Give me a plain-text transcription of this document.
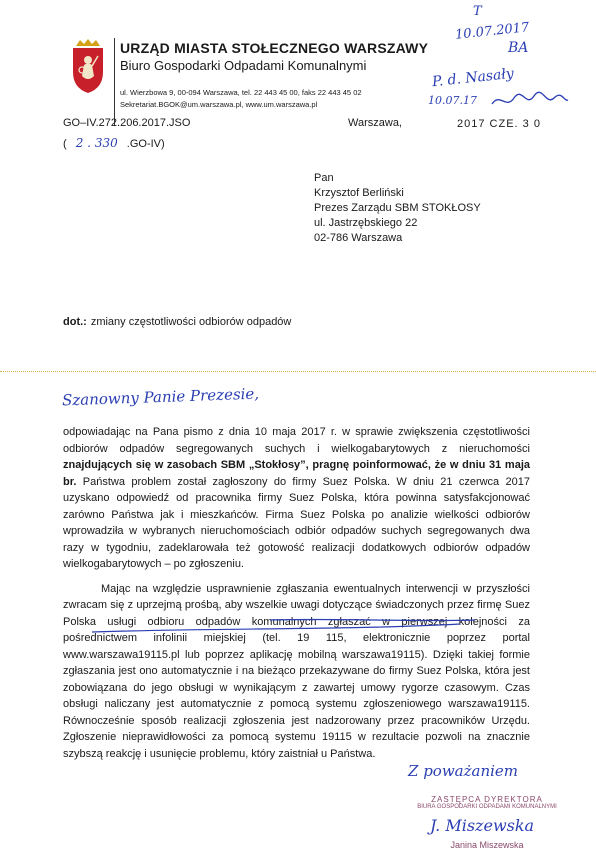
URZĄD MIASTA STOŁECZNEGO WARSZAWY
Biuro Gospodarki Odpadami Komunalnymi
ul. Wierzbowa 9, 00-094 Warszawa, tel. 22 443 45 00, faks 22 443 45 02
Sekretariat.BGOK@um.warszawa.pl, www.um.warszawa.pl
T
10.07.2017
BA
P. d. Nasały
10.07.17
GO–IV.272.206.2017.JSO
( 2 . 330 .GO-IV)
Warszawa,	2017 CZE. 3 0
Pan
Krzysztof Berliński
Prezes Zarządu SBM STOKŁOSY
ul. Jastrzębskiego 22
02-786 Warszawa
dot.: zmiany częstotliwości odbiorów odpadów
Szanowny Panie Prezesie,

odpowiadając na Pana pismo z dnia 10 maja 2017 r. w sprawie zwiększenia częstotliwości odbiorów odpadów segregowanych suchych i wielkogabarytowych z nieruchomości znajdujących się w zasobach SBM „Stokłosy”, pragnę poinformować, że w dniu 31 maja br. Państwa problem został zagłoszony do firmy Suez Polska. W dniu 21 czerwca 2017 uzyskano odpowiedź od pracownika firmy Suez Polska, która powinna satysfakcjonować zarówno Państwa jak i mieszkańców. Firma Suez Polska po analizie wielkości odbiorów wprowadziła w wybranych nieruchomościach odbiór odpadów suchych segregowanych dwa razy w tygodniu, zadeklarowała też gotowość realizacji dodatkowych odbiorów odpadów wielkogabarytowych – po zgłoszeniu.

Mając na względzie usprawnienie zgłaszania ewentualnych interwencji w przyszłości zwracam się z uprzejmą prośbą, aby wszelkie uwagi dotyczące świadczonych przez firmę Suez Polska usługi odbioru odpadów komunalnych zgłaszać w pierwszej kolejności za pośrednictwem infolinii miejskiej (tel. 19 115, elektronicznie poprzez portal www.warszawa19115.pl lub poprzez aplikację mobilną warszawa19115). Dzięki takiej formie zgłaszania jest ono automatycznie i na bieżąco przekazywane do firmy Suez Polska, która jest zobowiązana do jego obsługi w wynikającym z zawartej umowy rygorze czasowym. Czas obsługi naliczany jest automatycznie z pomocą systemu zgłoszeniowego warszawa19115. Równocześnie sposób realizacji zgłoszenia jest nadzorowany przez pracowników Urzędu. Zgłoszenie nieprawidłowości za pomocą systemu 19115 w rezultacie pozwoli na znacznie szybszą reakcję i usunięcie problemu, który zaistniał u Państwa.

Z poważaniem
ZASTĘPCA DYREKTORA
BIURA GOSPODARKI ODPADAMI KOMUNALNYMI
Janina Miszewska
J. Miszewska
